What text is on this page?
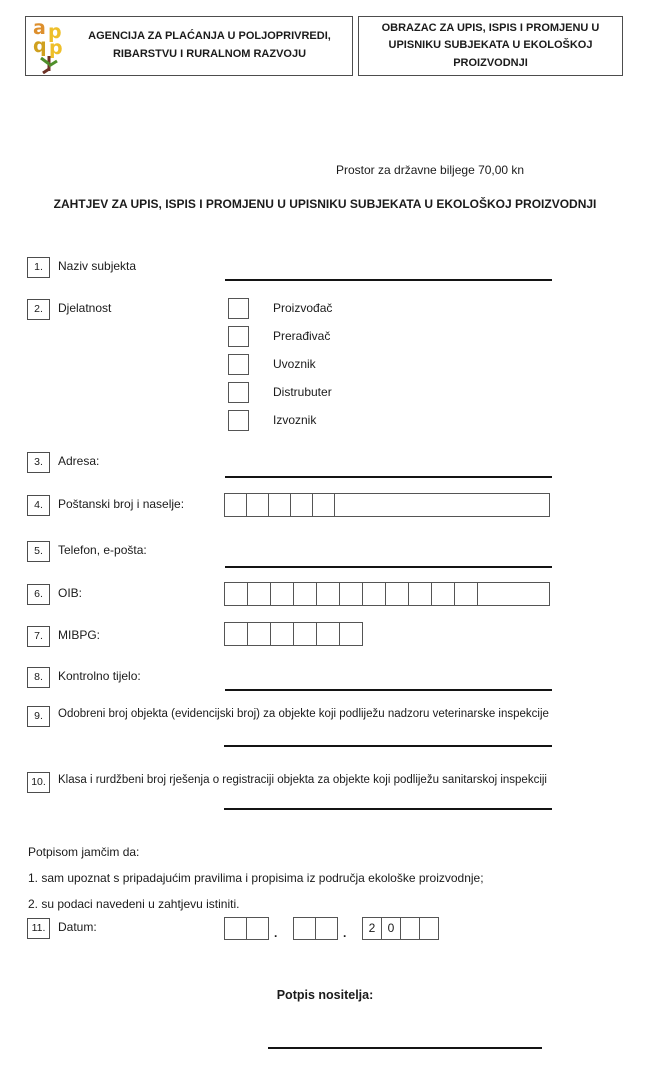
a p
q p
AGENCIJA ZA PLAĆANJA U POLJOPRIVREDI,
RIBARSTVU I RURALNOM RAZVOJU
OBRAZAC ZA UPIS, ISPIS I PROMJENU U UPISNIKU SUBJEKATA U EKOLOŠKOJ PROIZVODNJI
Prostor za državne biljege 70,00 kn
ZAHTJEV ZA UPIS, ISPIS I PROMJENU U UPISNIKU SUBJEKATA U EKOLOŠKOJ PROIZVODNJI
1.	Naziv subjekta
2.	Djelatnost	Proizvođač
Prerađivač
Uvoznik
Distrubuter
Izvoznik
3.	Adresa:
4.	Poštanski broj i naselje:
5.	Telefon, e-pošta:
6.	OIB:
7.	MIBPG:
8.	Kontrolno tijelo:
9.	Odobreni broj objekta (evidencijski broj) za objekte koji podliježu nadzoru veterinarske inspekcije
10.	Klasa i rurdžbeni broj rješenja o registraciji objekta za objekte koji podliježu sanitarskoj inspekciji
Potpisom jamčim da:
1. sam upoznat s pripadajućim pravilima i propisima iz područja ekološke proizvodnje;
2. su podaci navedeni u zahtjevu istiniti.
11.	Datum:	.	.	2	0
Potpis nositelja:
